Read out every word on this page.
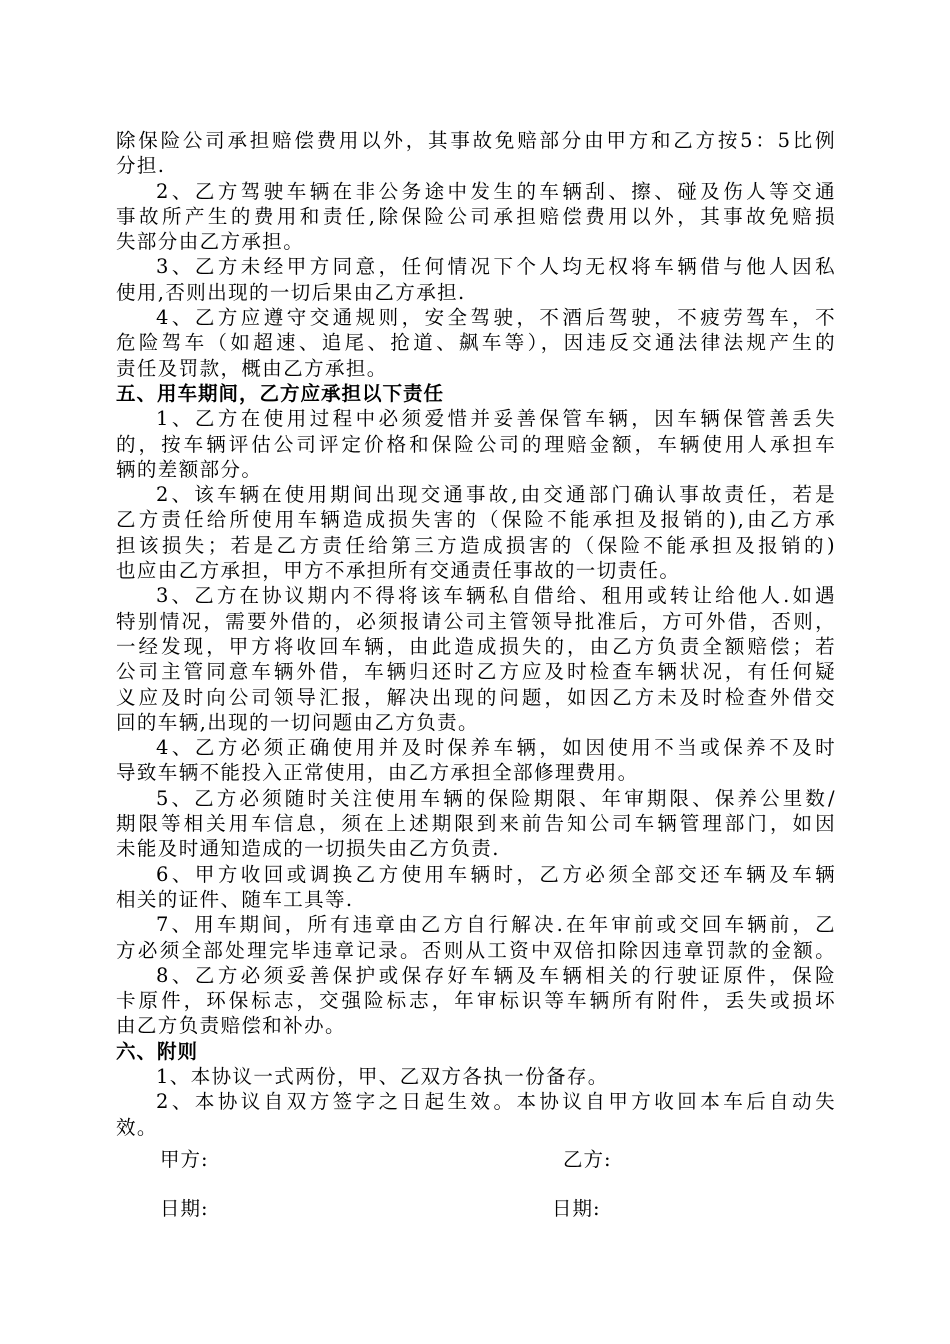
除保险公司承担赔偿费用以外，其事故免赔部分由甲方和乙方按5：5比例
分担.
2、乙方驾驶车辆在非公务途中发生的车辆刮、擦、碰及伤人等交通
事故所产生的费用和责任,除保险公司承担赔偿费用以外，其事故免赔损
失部分由乙方承担。
3、乙方未经甲方同意，任何情况下个人均无权将车辆借与他人因私
使用,否则出现的一切后果由乙方承担.
4、乙方应遵守交通规则，安全驾驶，不酒后驾驶，不疲劳驾车，不
危险驾车（如超速、追尾、抢道、飙车等），因违反交通法律法规产生的
责任及罚款，概由乙方承担。
五、用车期间，乙方应承担以下责任
1、乙方在使用过程中必须爱惜并妥善保管车辆，因车辆保管善丢失
的，按车辆评估公司评定价格和保险公司的理赔金额，车辆使用人承担车
辆的差额部分。
2、该车辆在使用期间出现交通事故,由交通部门确认事故责任，若是
乙方责任给所使用车辆造成损失害的（保险不能承担及报销的),由乙方承
担该损失；若是乙方责任给第三方造成损害的（保险不能承担及报销的)
也应由乙方承担，甲方不承担所有交通责任事故的一切责任。
3、乙方在协议期内不得将该车辆私自借给、租用或转让给他人.如遇
特别情况，需要外借的，必须报请公司主管领导批准后，方可外借，否则，
一经发现，甲方将收回车辆，由此造成损失的，由乙方负责全额赔偿；若
公司主管同意车辆外借，车辆归还时乙方应及时检查车辆状况，有任何疑
义应及时向公司领导汇报，解决出现的问题，如因乙方未及时检查外借交
回的车辆,出现的一切问题由乙方负责。
4、乙方必须正确使用并及时保养车辆，如因使用不当或保养不及时
导致车辆不能投入正常使用，由乙方承担全部修理费用。
5、乙方必须随时关注使用车辆的保险期限、年审期限、保养公里数/
期限等相关用车信息，须在上述期限到来前告知公司车辆管理部门，如因
未能及时通知造成的一切损失由乙方负责.
6、甲方收回或调换乙方使用车辆时，乙方必须全部交还车辆及车辆
相关的证件、随车工具等.
7、用车期间，所有违章由乙方自行解决.在年审前或交回车辆前，乙
方必须全部处理完毕违章记录。否则从工资中双倍扣除因违章罚款的金额。
8、乙方必须妥善保护或保存好车辆及车辆相关的行驶证原件，保险
卡原件，环保标志，交强险标志，年审标识等车辆所有附件，丢失或损坏
由乙方负责赔偿和补办。
六、附则
1、本协议一式两份，甲、乙双方各执一份备存。
2、本协议自双方签字之日起生效。本协议自甲方收回本车后自动失
效。
甲方:	乙方:
日期:	日期:
